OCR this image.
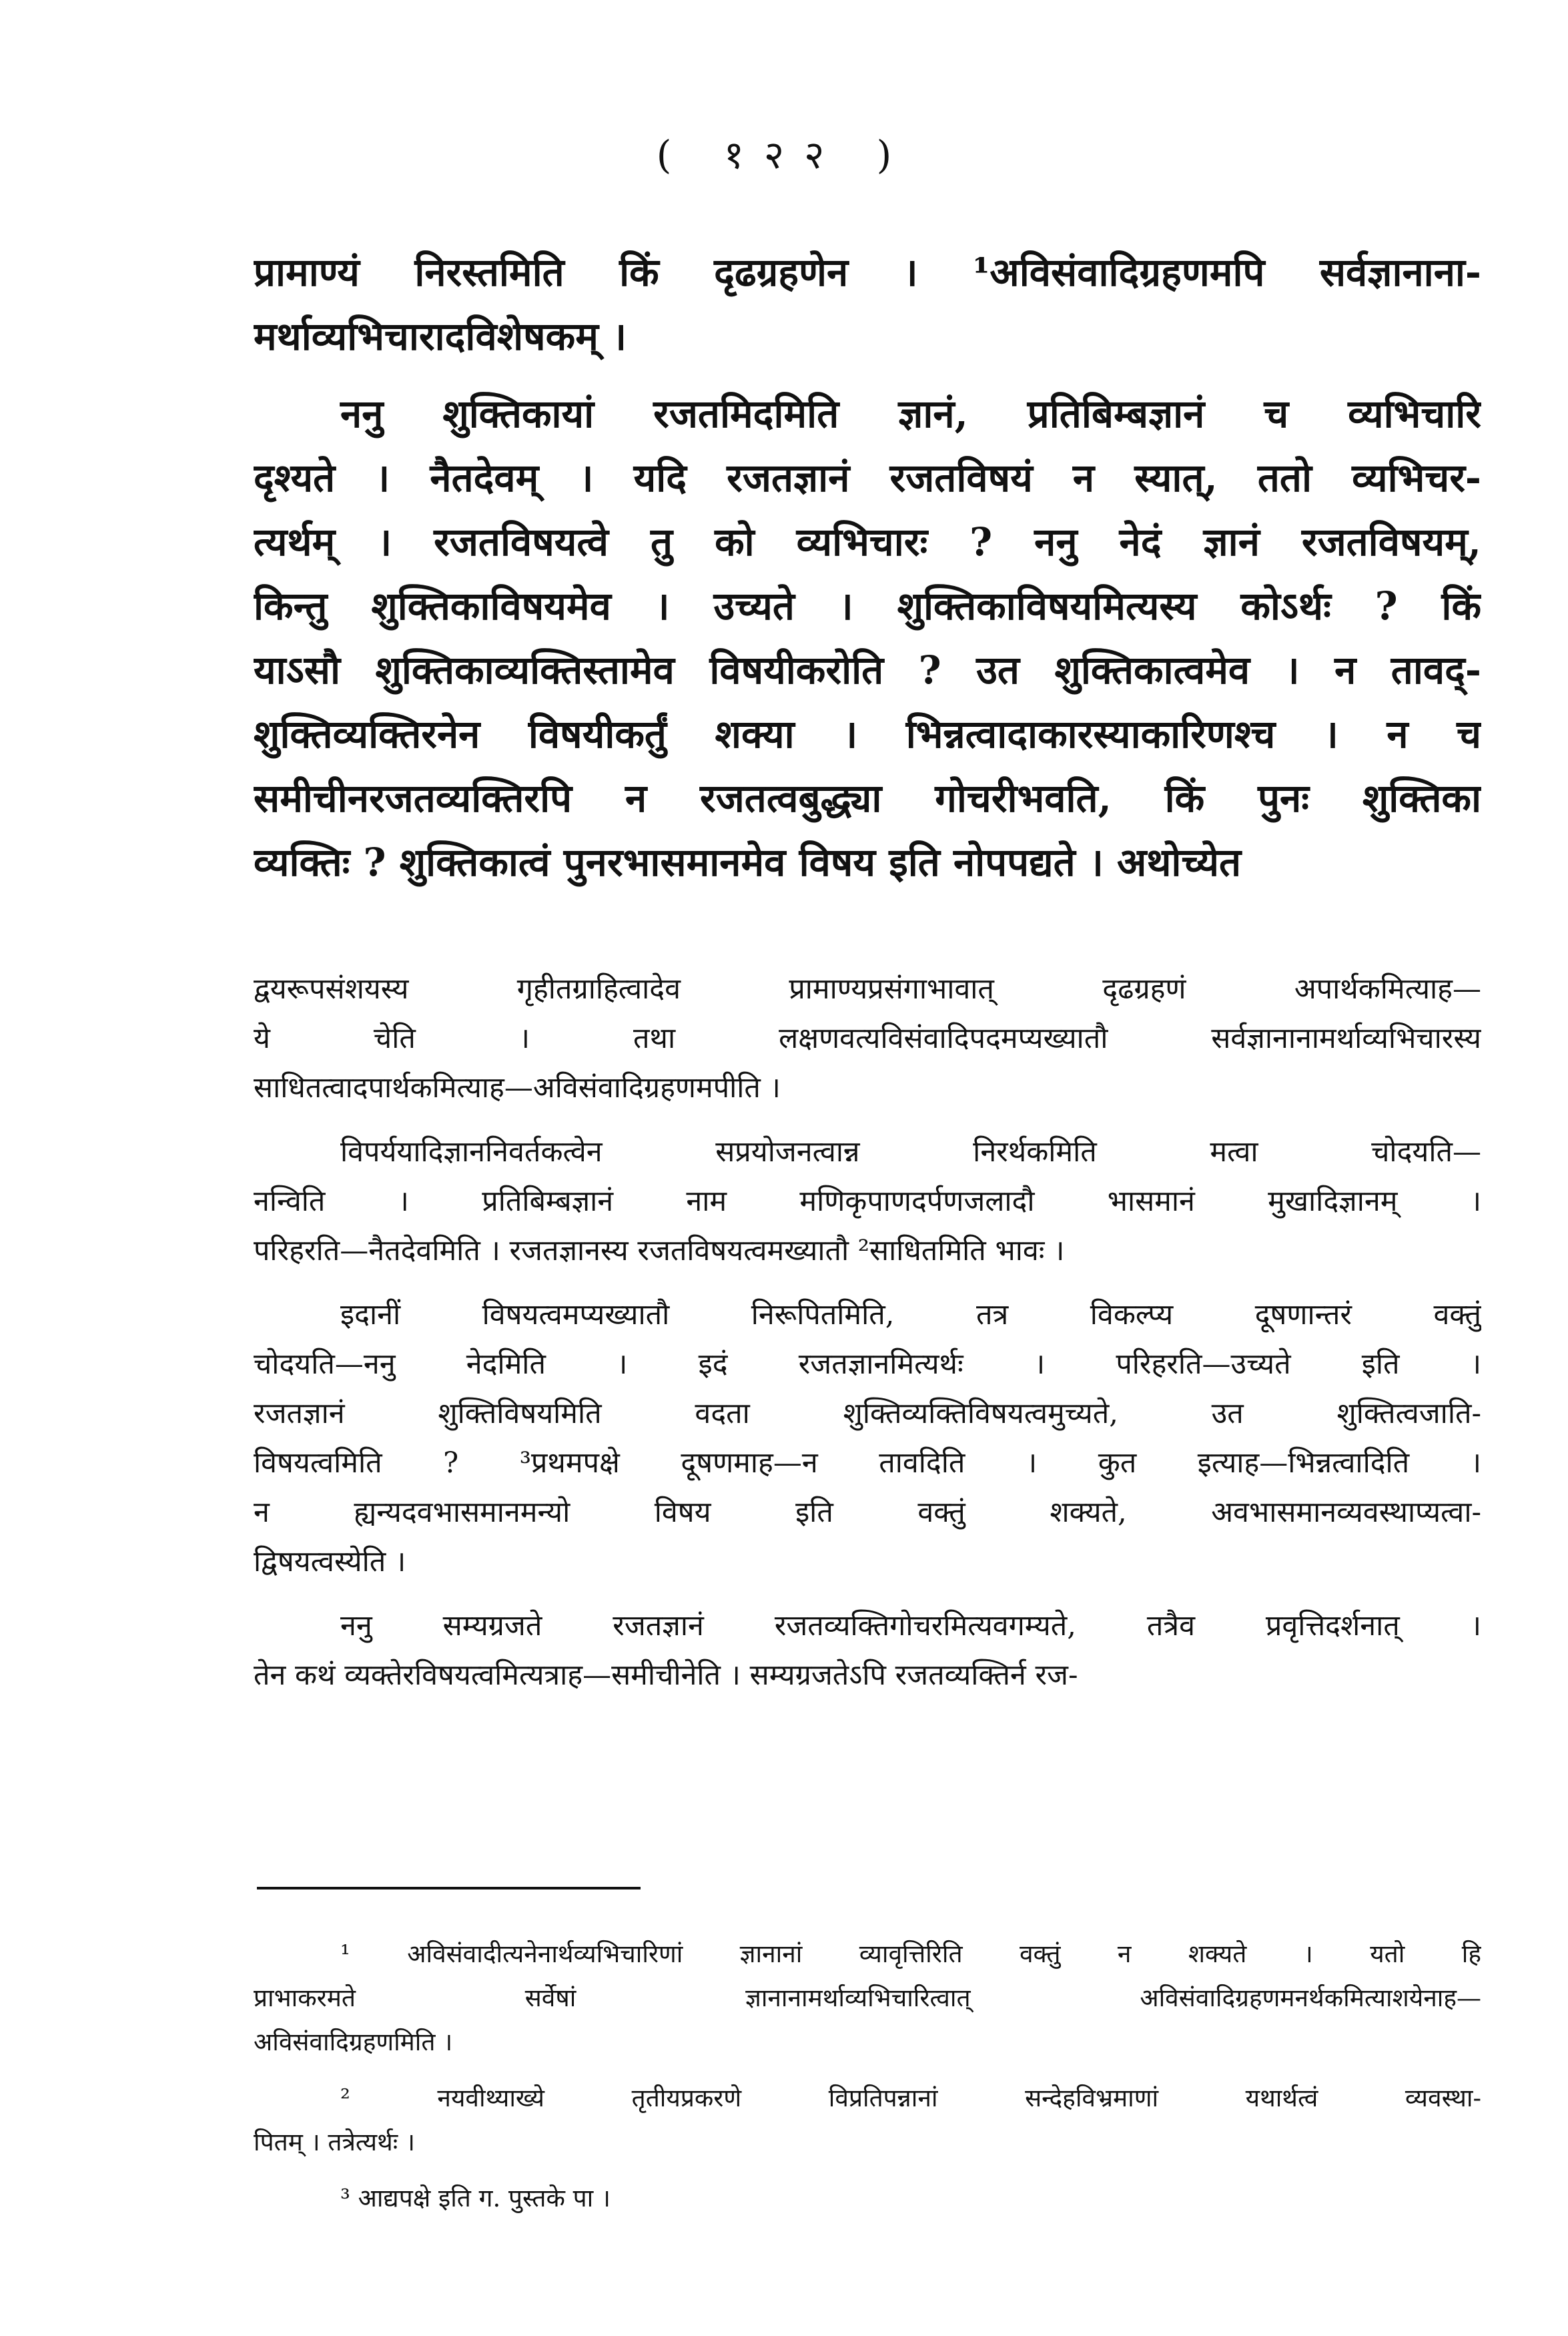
( १२२ )
प्रामाण्यं निरस्तमिति किं दृढग्रहणेन । ¹अविसंवादिग्रहणमपि सर्वज्ञानाना-
मर्थाव्यभिचारादविशेषकम् ।
ननु शुक्तिकायां रजतमिदमिति ज्ञानं, प्रतिबिम्बज्ञानं च व्यभिचारि
दृश्यते । नैतदेवम् । यदि रजतज्ञानं रजतविषयं न स्यात्, ततो व्यभिचर-
त्यर्थम् । रजतविषयत्वे तु को व्यभिचारः ? ननु नेदं ज्ञानं रजतविषयम्,
किन्तु शुक्तिकाविषयमेव । उच्यते । शुक्तिकाविषयमित्यस्य कोऽर्थः ? किं
याऽसौ शुक्तिकाव्यक्तिस्तामेव विषयीकरोति ? उत शुक्तिकात्वमेव । न तावद्-
शुक्तिव्यक्तिरनेन विषयीकर्तुं शक्या । भिन्नत्वादाकारस्याकारिणश्च । न च
समीचीनरजतव्यक्तिरपि न रजतत्वबुद्ध्या गोचरीभवति, किं पुनः शुक्तिका
व्यक्तिः ? शुक्तिकात्वं पुनरभासमानमेव विषय इति नोपपद्यते । अथोच्येत
द्वयरूपसंशयस्य गृहीतग्राहित्वादेव प्रामाण्यप्रसंगाभावात् दृढग्रहणं अपार्थकमित्याह—
ये चेति । तथा लक्षणवत्यविसंवादिपदमप्यख्यातौ सर्वज्ञानानामर्थाव्यभिचारस्य
साधितत्वादपार्थकमित्याह—अविसंवादिग्रहणमपीति ।
विपर्ययादिज्ञाननिवर्तकत्वेन सप्रयोजनत्वान्न निरर्थकमिति मत्वा चोदयति—
नन्विति । प्रतिबिम्बज्ञानं नाम मणिकृपाणदर्पणजलादौ भासमानं मुखादिज्ञानम् ।
परिहरति—नैतदेवमिति । रजतज्ञानस्य रजतविषयत्वमख्यातौ ²साधितमिति भावः ।
इदानीं विषयत्वमप्यख्यातौ निरूपितमिति, तत्र विकल्प्य दूषणान्तरं वक्तुं
चोदयति—ननु नेदमिति । इदं रजतज्ञानमित्यर्थः । परिहरति—उच्यते इति ।
रजतज्ञानं शुक्तिविषयमिति वदता शुक्तिव्यक्तिविषयत्वमुच्यते, उत शुक्तित्वजाति-
विषयत्वमिति ? ³प्रथमपक्षे दूषणमाह—न तावदिति । कुत इत्याह—भिन्नत्वादिति ।
न ह्यन्यदवभासमानमन्यो विषय इति वक्तुं शक्यते, अवभासमानव्यवस्थाप्यत्वा-
द्विषयत्वस्येति ।
ननु सम्यग्रजते रजतज्ञानं रजतव्यक्तिगोचरमित्यवगम्यते, तत्रैव प्रवृत्तिदर्शनात् ।
तेन कथं व्यक्तेरविषयत्वमित्यत्राह—समीचीनेति । सम्यग्रजतेऽपि रजतव्यक्तिर्न रज-
¹ अविसंवादीत्यनेनार्थव्यभिचारिणां ज्ञानानां व्यावृत्तिरिति वक्तुं न शक्यते । यतो हि
प्राभाकरमते सर्वेषां ज्ञानानामर्थाव्यभिचारित्वात् अविसंवादिग्रहणमनर्थकमित्याशयेनाह—
अविसंवादिग्रहणमिति ।
² नयवीथ्याख्ये तृतीयप्रकरणे विप्रतिपन्नानां सन्देहविभ्रमाणां यथार्थत्वं व्यवस्था-
पितम् । तत्रेत्यर्थः ।
³ आद्यपक्षे इति ग. पुस्तके पा ।
